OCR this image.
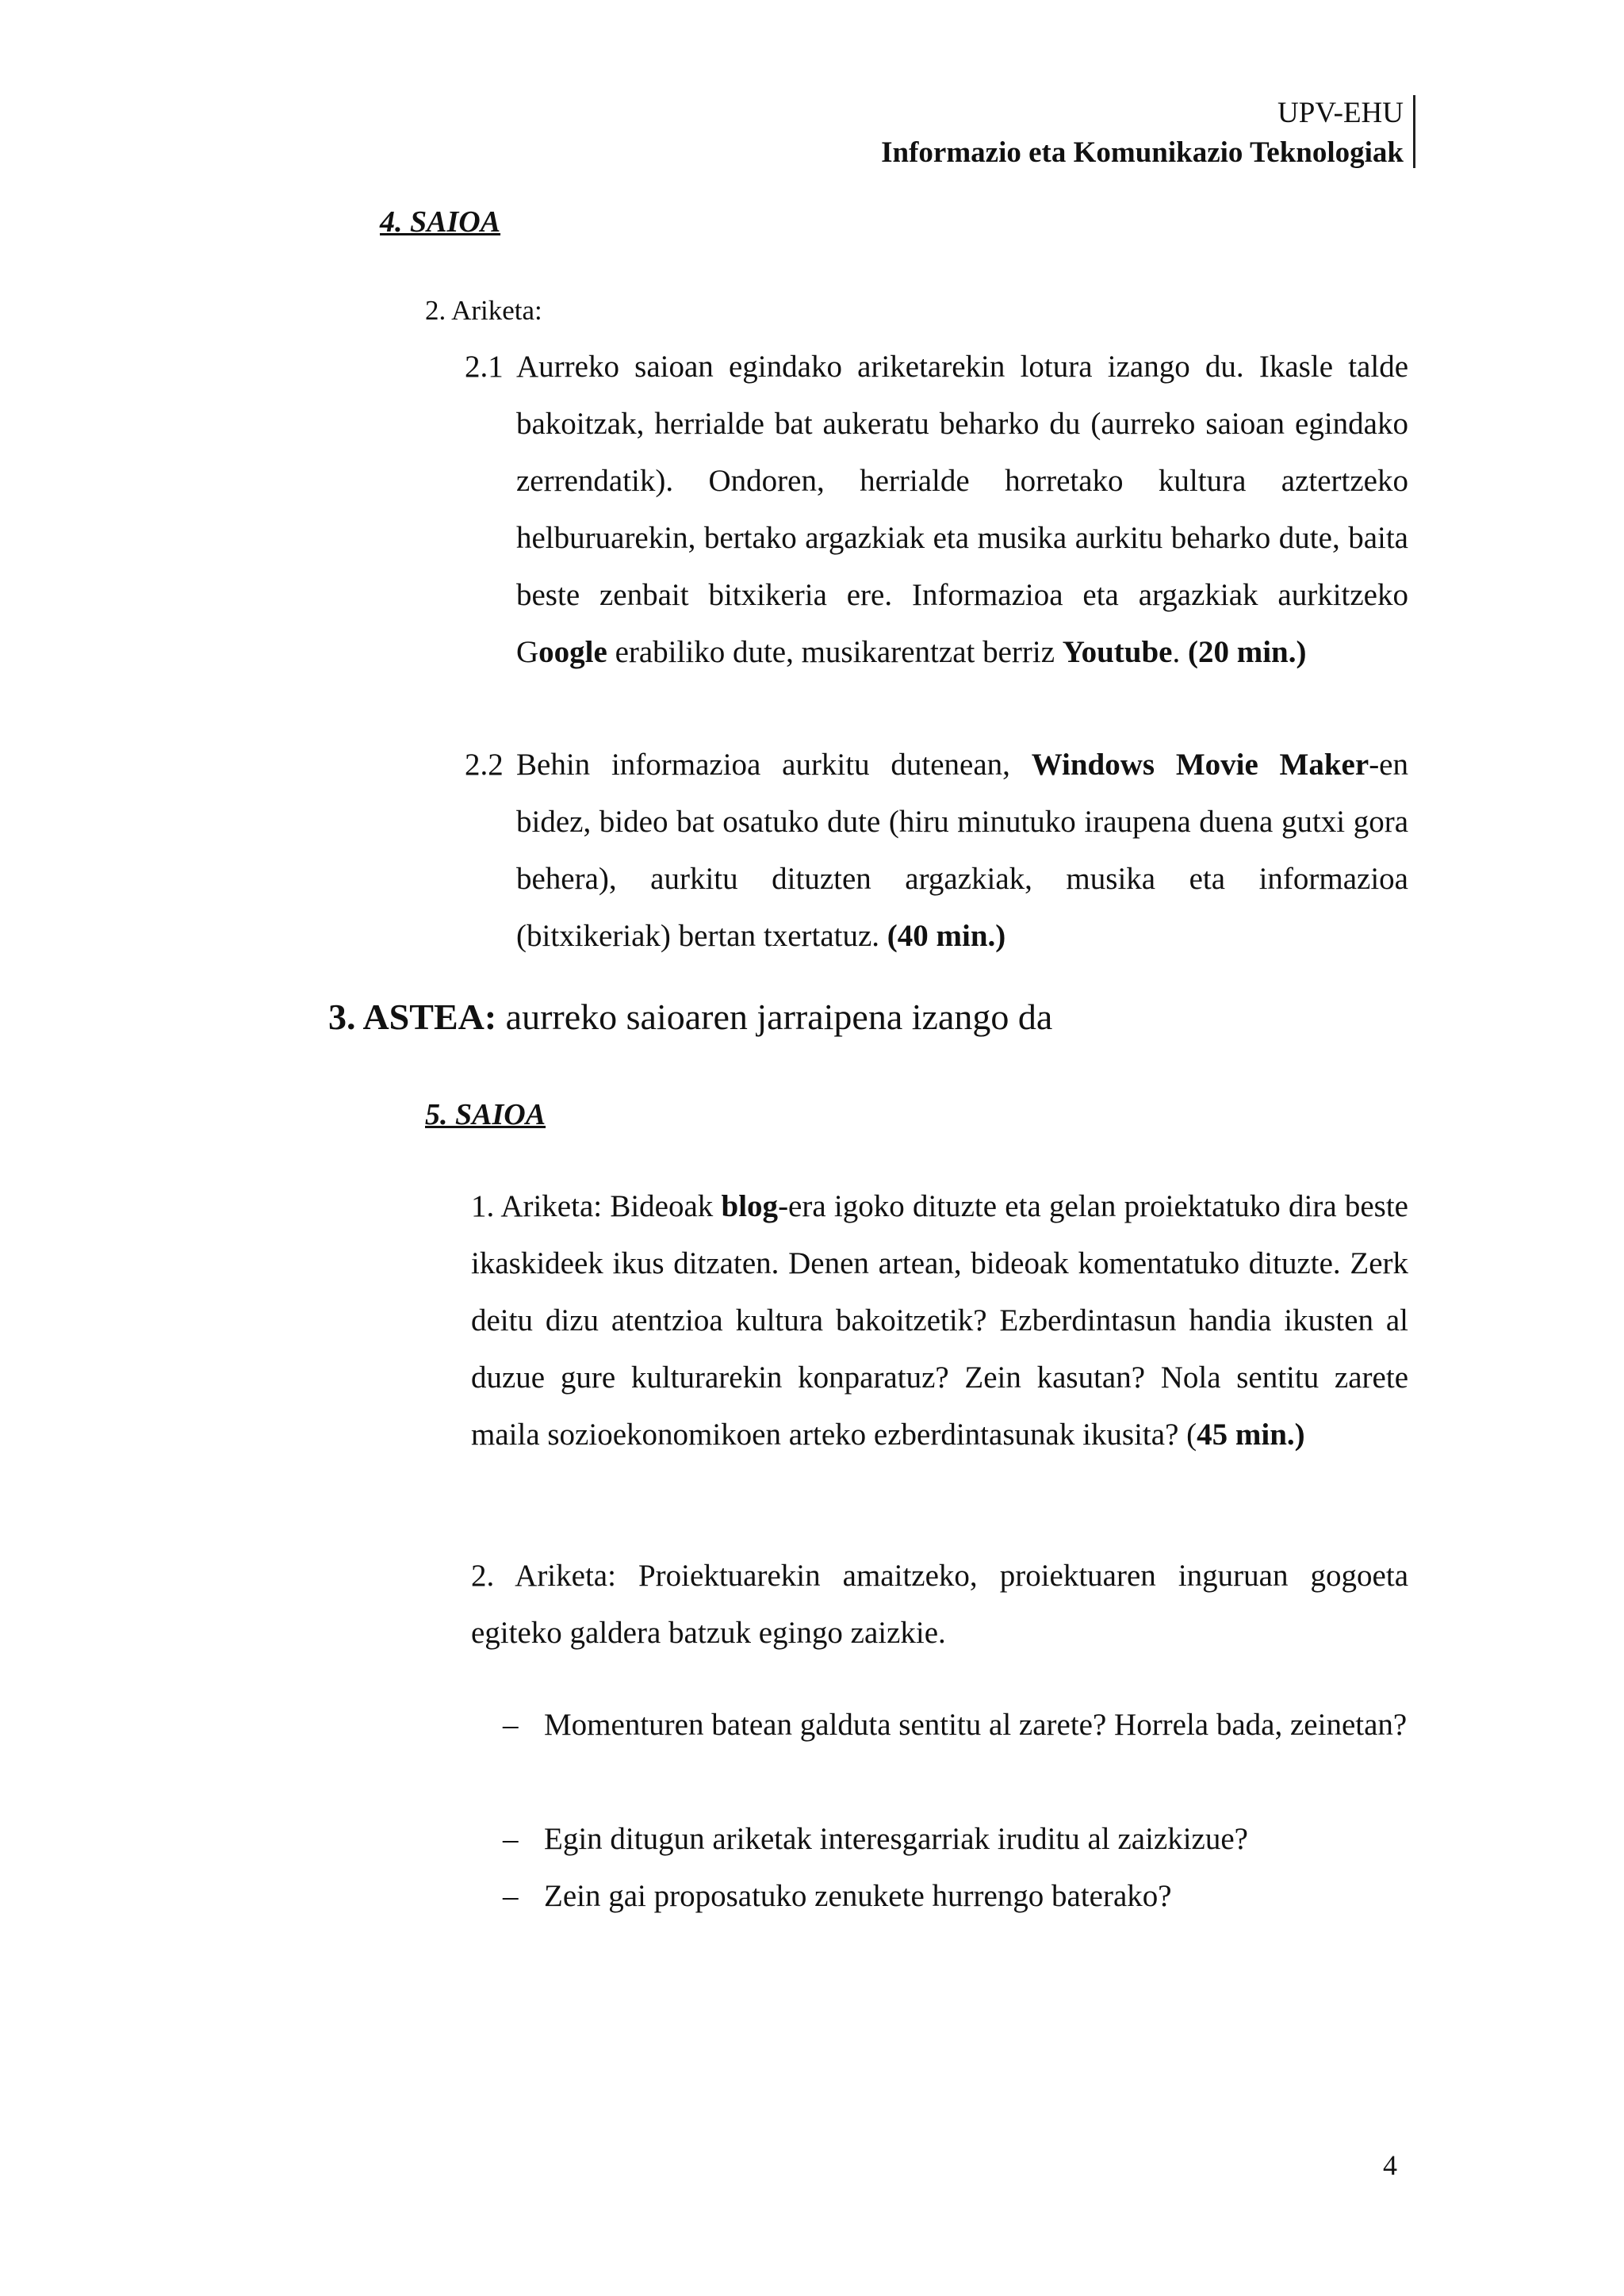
UPV-EHU
Informazio eta Komunikazio Teknologiak
4. SAIOA
2. Ariketa:
2.1 Aurreko saioan egindako ariketarekin lotura izango du. Ikasle talde bakoitzak, herrialde bat aukeratu beharko du (aurreko saioan egindako zerrendatik). Ondoren, herrialde horretako kultura aztertzeko helburuarekin, bertako argazkiak eta musika aurkitu beharko dute, baita beste zenbait bitxikeria ere. Informazioa eta argazkiak aurkitzeko Google erabiliko dute, musikarentzat berriz Youtube. (20 min.)
2.2 Behin informazioa aurkitu dutenean, Windows Movie Maker-en bidez, bideo bat osatuko dute (hiru minutuko iraupena duena gutxi gora behera), aurkitu dituzten argazkiak, musika eta informazioa (bitxikeriak) bertan txertatuz. (40 min.)
3. ASTEA: aurreko saioaren jarraipena izango da
5. SAIOA
1. Ariketa: Bideoak blog-era igoko dituzte eta gelan proiektatuko dira beste ikaskideek ikus ditzaten. Denen artean, bideoak komentatuko dituzte. Zerk deitu dizu atentzioa kultura bakoitzetik? Ezberdintasun handia ikusten al duzue gure kulturarekin konparatuz? Zein kasutan? Nola sentitu zarete maila sozioekonomikoen arteko ezberdintasunak ikusita? (45 min.)
2. Ariketa: Proiektuarekin amaitzeko, proiektuaren inguruan gogoeta egiteko galdera batzuk egingo zaizkie.
– Momenturen batean galduta sentitu al zarete? Horrela bada, zeinetan?
– Egin ditugun ariketak interesgarriak iruditu al zaizkizue?
– Zein gai proposatuko zenukete hurrengo baterako?
4
